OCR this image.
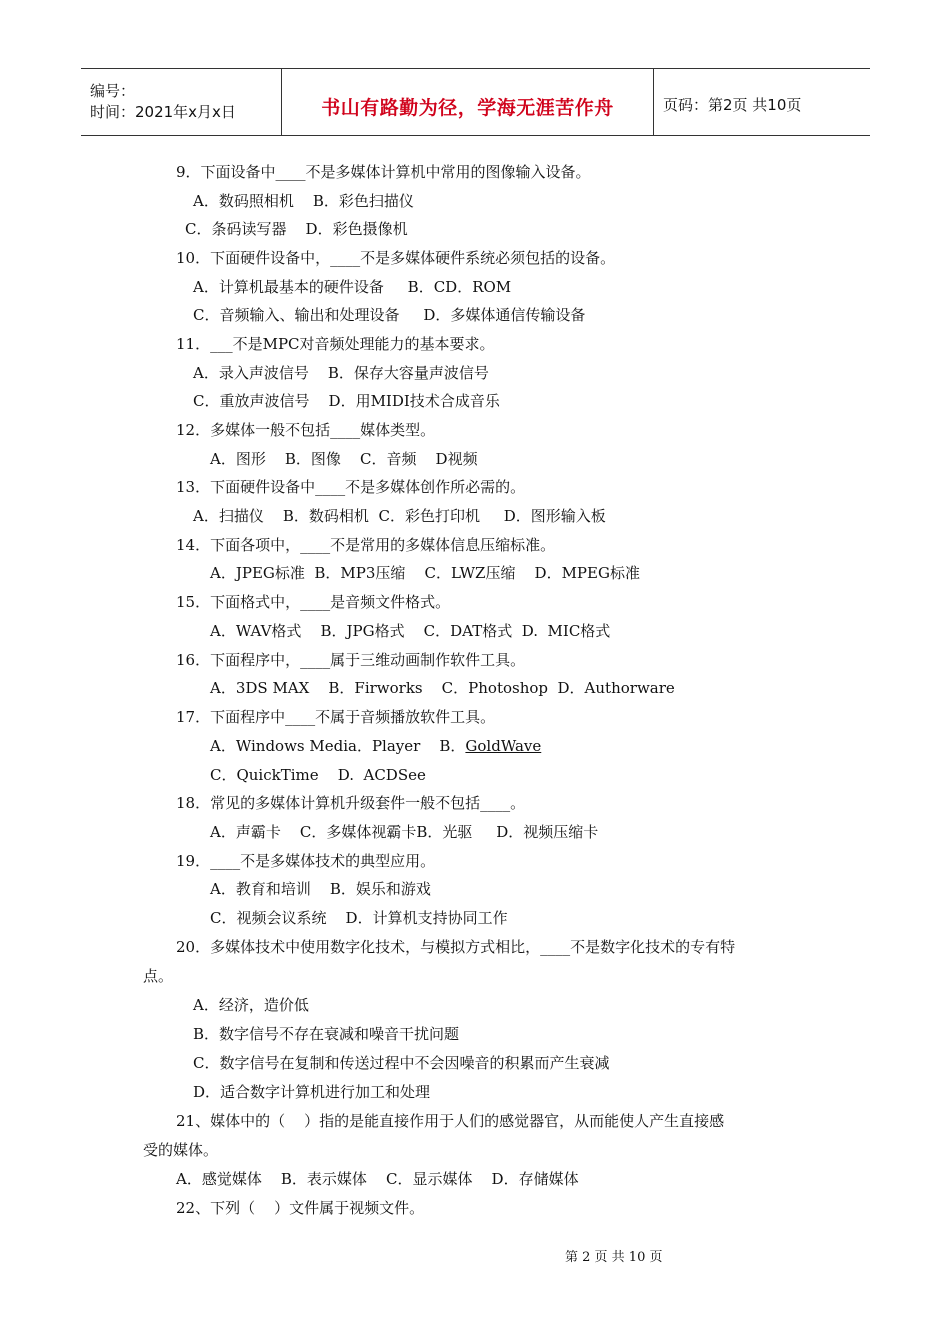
编号：
时间：2021年x月x日	书山有路勤为径，学海无涯苦作舟	页码：第2页 共10页
9．下面设备中____不是多媒体计算机中常用的图像输入设备。
A．数码照相机    B．彩色扫描仪
C．条码读写器    D．彩色摄像机
10．下面硬件设备中，____不是多媒体硬件系统必须包括的设备。
A．计算机最基本的硬件设备     B．CD．ROM
C．音频输入、输出和处理设备     D．多媒体通信传输设备
11．___不是MPC对音频处理能力的基本要求。
A．录入声波信号    B．保存大容量声波信号
C．重放声波信号    D．用MIDI技术合成音乐
12．多媒体一般不包括____媒体类型。
A．图形    B．图像    C．音频    D视频
13．下面硬件设备中____不是多媒体创作所必需的。
A．扫描仪    B．数码相机  C．彩色打印机     D．图形输入板
14．下面各项中，____不是常用的多媒体信息压缩标准。
A．JPEG标准  B．MP3压缩    C．LWZ压缩    D．MPEG标准
15．下面格式中，____是音频文件格式。
A．WAV格式    B．JPG格式    C．DAT格式  D.  MIC格式
16．下面程序中，____属于三维动画制作软件工具。
A．3DS MAX    B．Firworks    C．Photoshop  D．Authorware
17．下面程序中____不属于音频播放软件工具。
A．Windows Media．Player    B．GoldWave
C．QuickTime    D.  ACDSee
18．常见的多媒体计算机升级套件一般不包括____。
A．声霸卡    C．多媒体视霸卡B．光驱     D．视频压缩卡
19．____不是多媒体技术的典型应用。
A．教育和培训    B．娱乐和游戏
C．视频会议系统    D．计算机支持协同工作
20．多媒体技术中使用数字化技术，与模拟方式相比，____不是数字化技术的专有特
点。
A．经济，造价低
B．数字信号不存在衰减和噪音干扰问题
C．数字信号在复制和传送过程中不会因噪音的积累而产生衰减
D．适合数字计算机进行加工和处理
21、媒体中的（    ）指的是能直接作用于人们的感觉器官，从而能使人产生直接感
受的媒体。
A．感觉媒体    B．表示媒体    C．显示媒体    D．存储媒体
22、下列（    ）文件属于视频文件。
第 2 页 共 10 页
